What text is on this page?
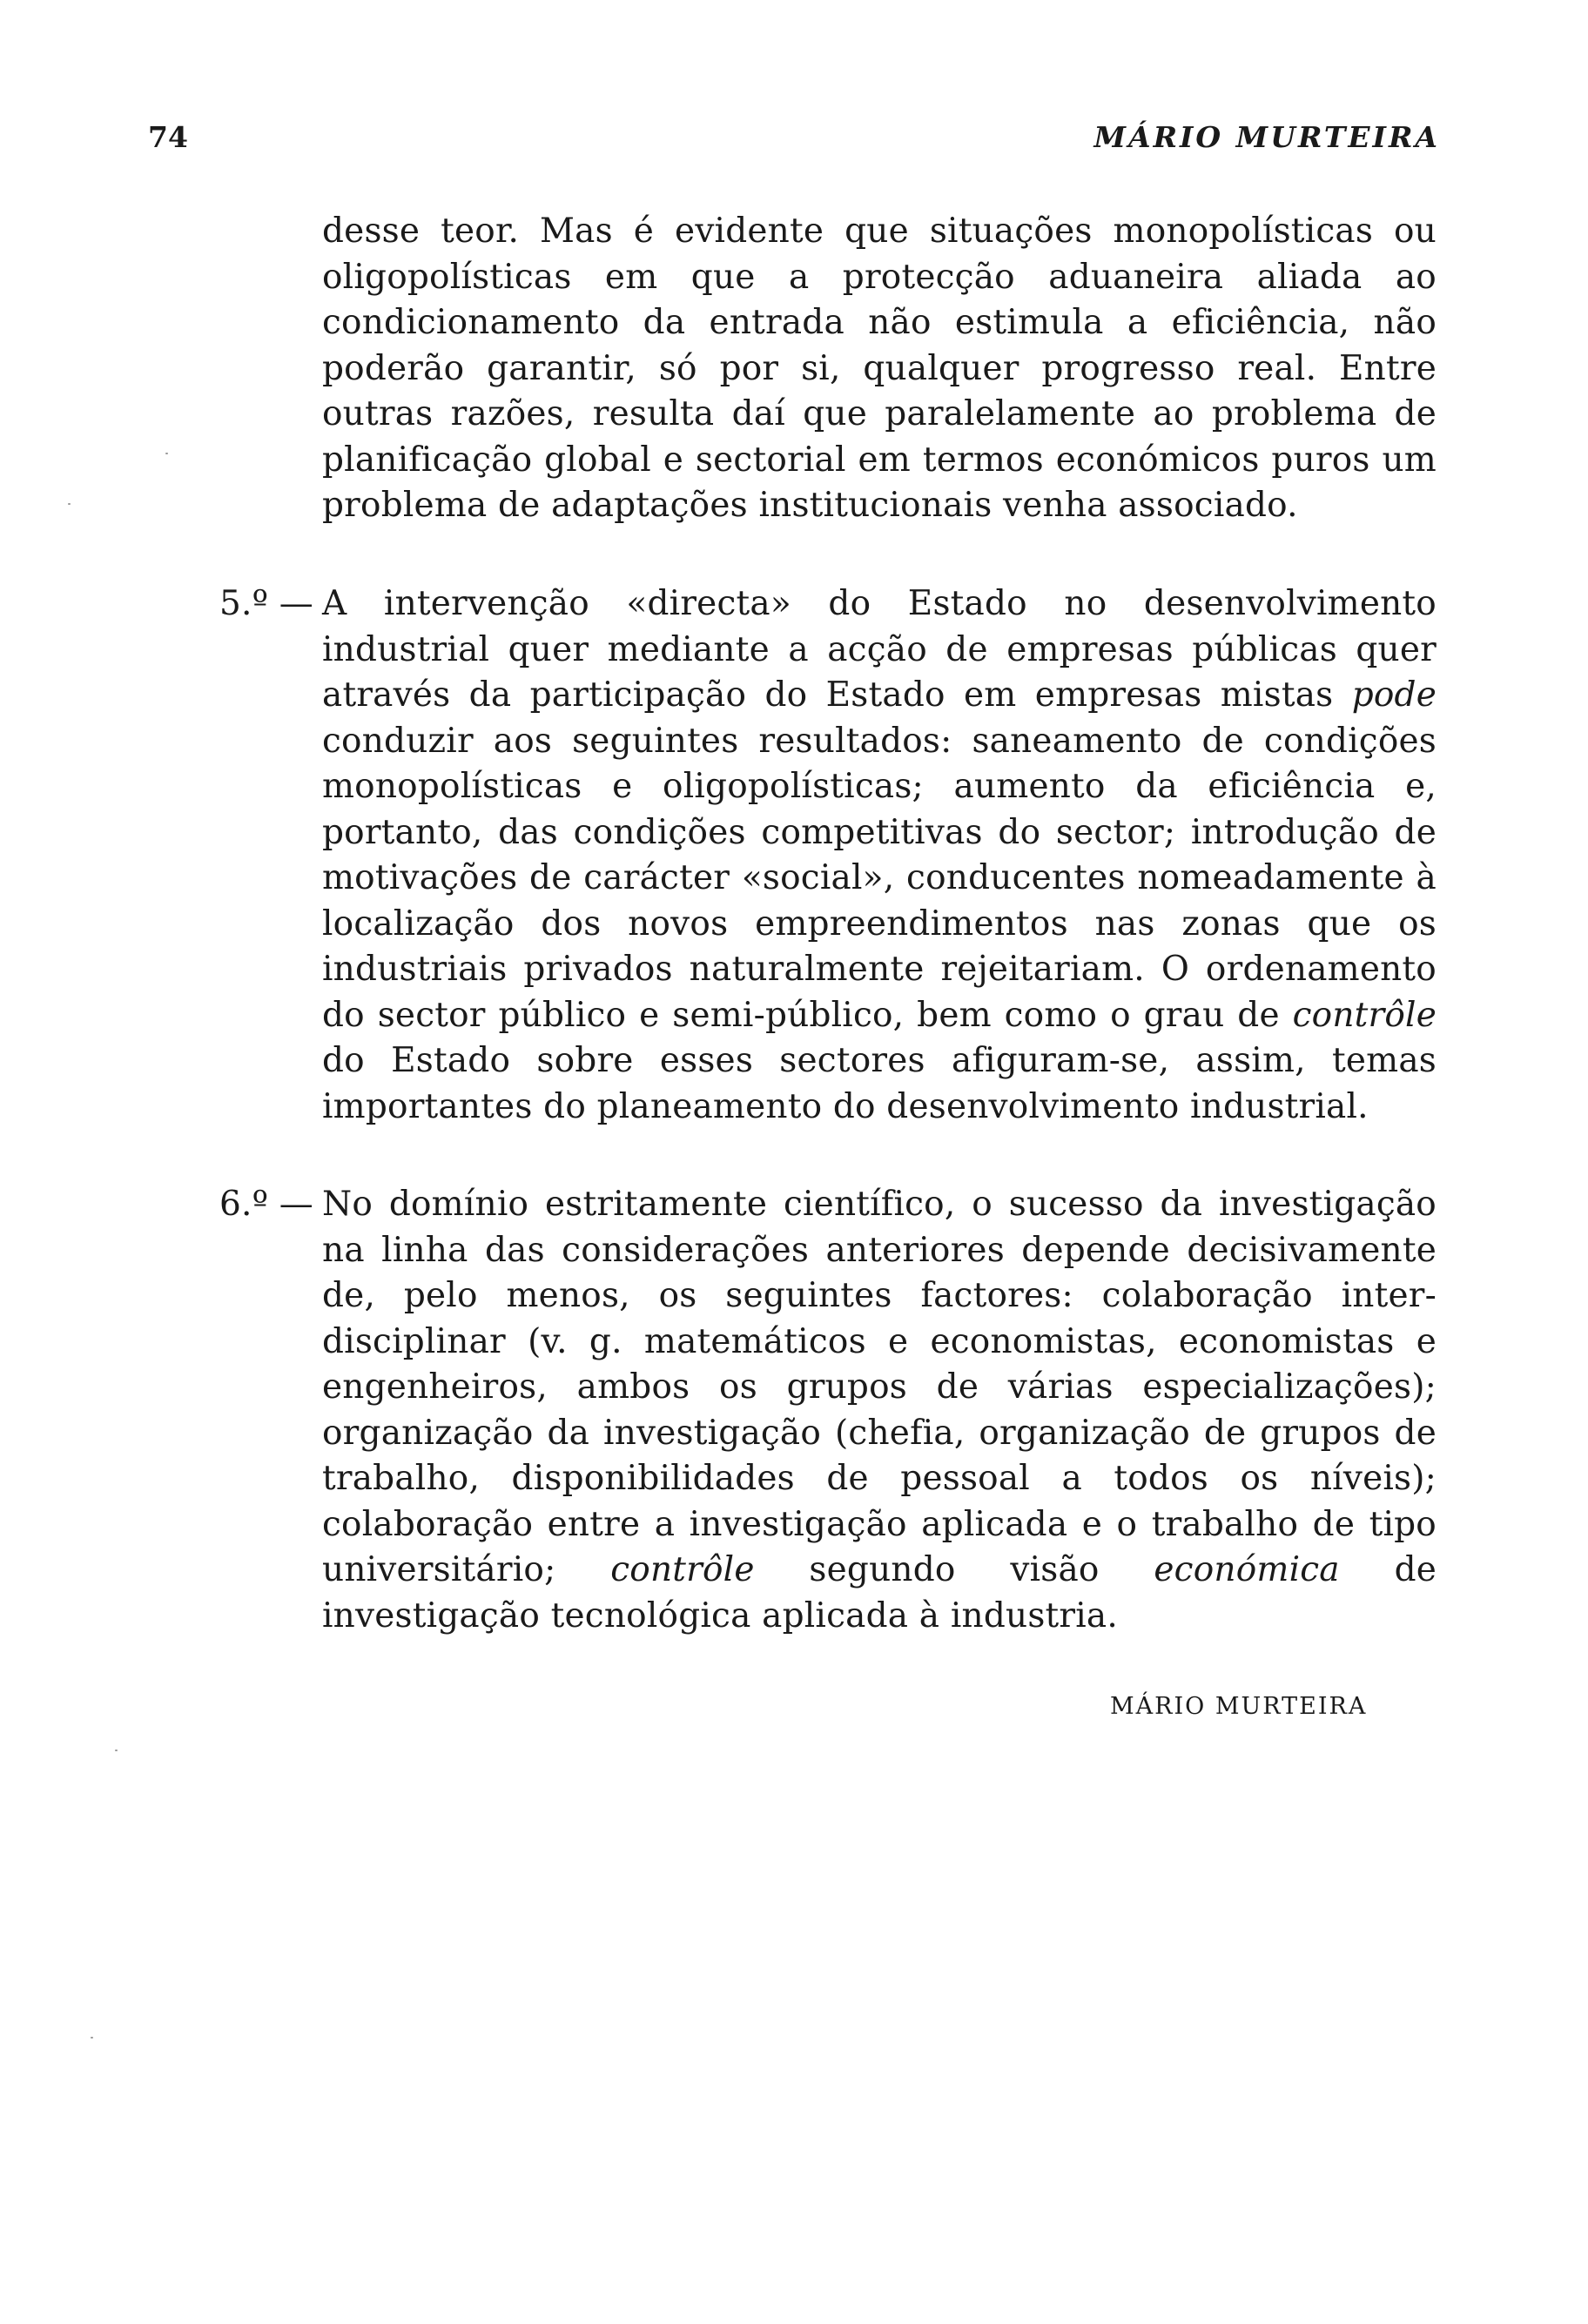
74	MÁRIO MURTEIRA

desse teor. Mas é evidente que situações monopolísticas ou oligopolísticas em que a protecção aduaneira aliada ao condicionamento da entrada não estimula a eficiência, não poderão garantir, só por si, qualquer progresso real. Entre outras razões, resulta daí que paralelamente ao problema de planificação global e sectorial em termos económicos puros um problema de adaptações institucionais venha associado.

5.º — A intervenção «directa» do Estado no desenvolvimento industrial quer mediante a acção de empresas públicas quer através da participação do Estado em empresas mistas pode conduzir aos seguintes resultados: saneamento de condições monopolísticas e oligopolísticas; aumento da eficiência e, portanto, das condições competitivas do sector; introdução de motivações de carácter «social», conducentes nomeadamente à localização dos novos empreendimentos nas zonas que os industriais privados naturalmente rejeitariam. O ordenamento do sector público e semi-público, bem como o grau de contrôle do Estado sobre esses sectores afiguram-se, assim, temas importantes do planeamento do desenvolvimento industrial.

6.º — No domínio estritamente científico, o sucesso da investigação na linha das considerações anteriores depende decisivamente de, pelo menos, os seguintes factores: colaboração inter-disciplinar (v. g. matemáticos e economistas, economistas e engenheiros, ambos os grupos de várias especializações); organização da investigação (chefia, organização de grupos de trabalho, disponibilidades de pessoal a todos os níveis); colaboração entre a investigação aplicada e o trabalho de tipo universitário; contrôle segundo visão económica de investigação tecnológica aplicada à industria.

MÁRIO MURTEIRA
